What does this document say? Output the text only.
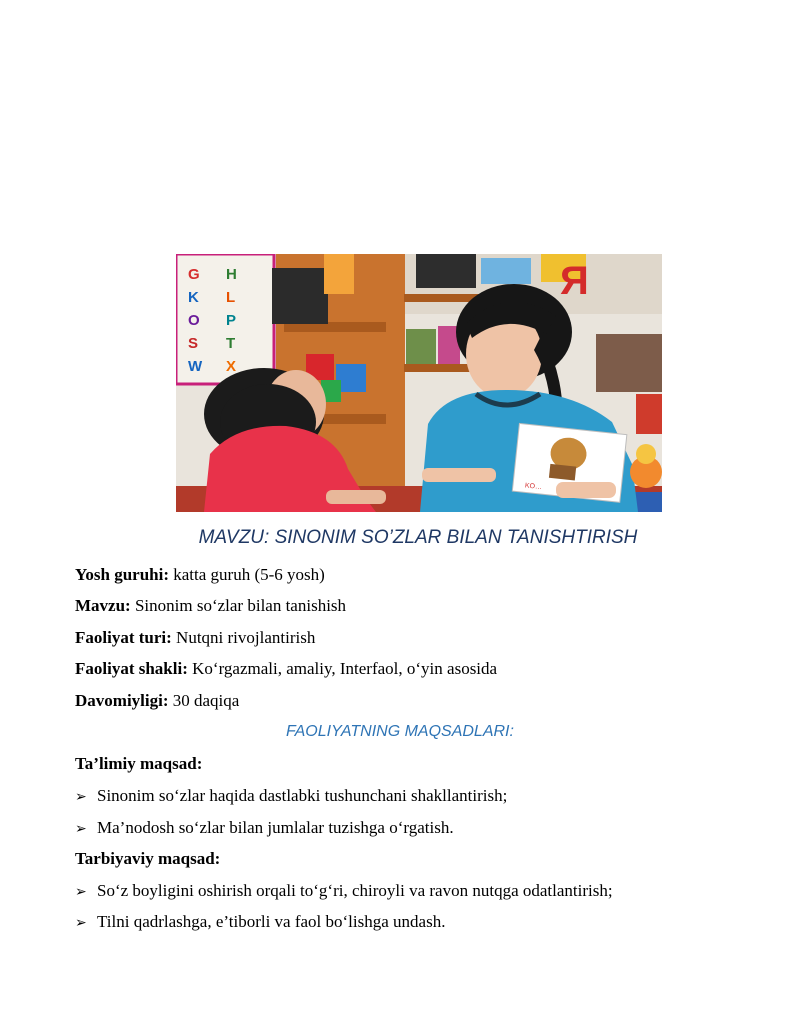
G H
K L
O P
S T
W X
Я
KO…
MAVZU: SINONIM SO’ZLAR BILAN TANISHTIRISH
Yosh guruhi: katta guruh (5-6 yosh)
Mavzu: Sinonim so‘zlar bilan tanishish
Faoliyat turi: Nutqni rivojlantirish
Faoliyat shakli: Ko‘rgazmali, amaliy, Interfaol, o‘yin asosida
Davomiyligi: 30 daqiqa
FAOLIYATNING MAQSADLARI:
Ta’limiy maqsad:
➢ Sinonim so‘zlar haqida dastlabki tushunchani shakllantirish;
➢ Ma’nodosh so‘zlar bilan jumlalar tuzishga o‘rgatish.
Tarbiyaviy maqsad:
➢ So‘z boyligini oshirish orqali to‘g‘ri, chiroyli va ravon nutqga odatlantirish;
➢ Tilni qadrlashga, e’tiborli va faol bo‘lishga undash.
